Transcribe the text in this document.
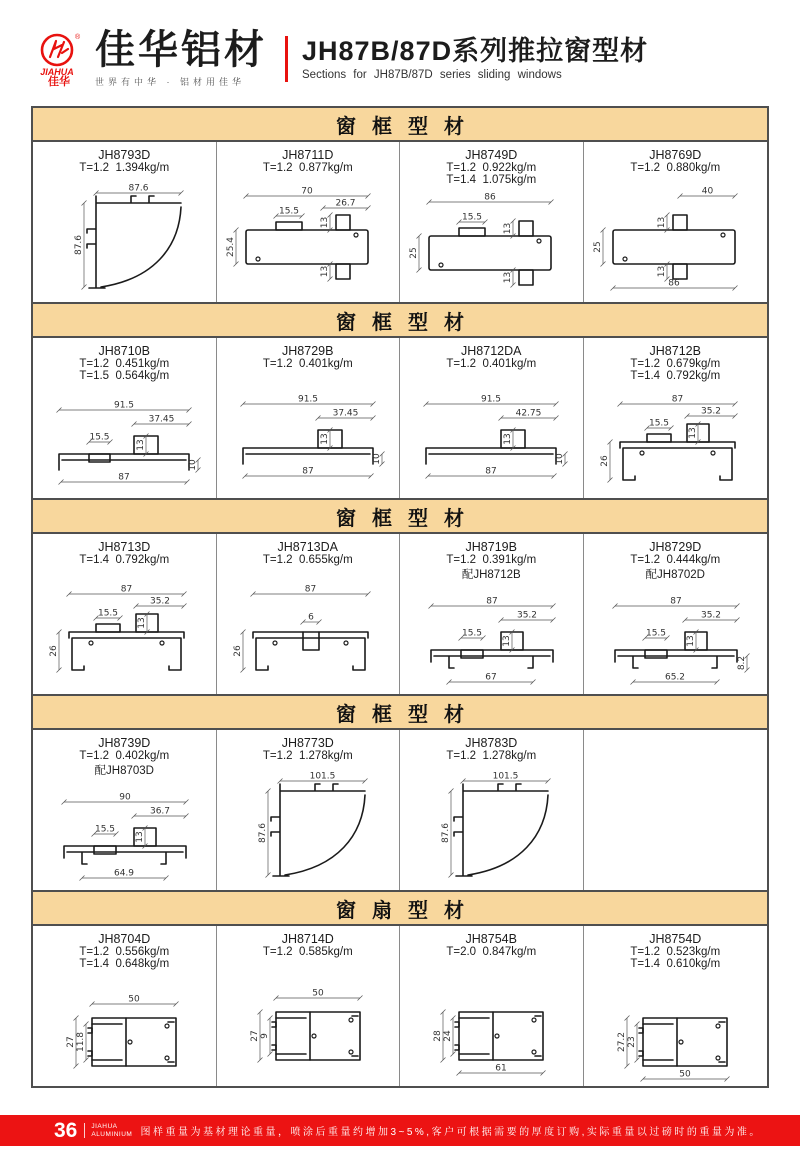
®
JIAHUA
佳华
佳华铝材
世界有中华 · 铝材用佳华
JH87B/87D系列推拉窗型材
Sections for JH87B/87D series sliding windows
窗框型材
JH8793D
T=1.2  1.394kg/m
87.6
87.6
JH8711D
T=1.2  0.877kg/m
15.5
13
13
70
26.7
25.4
JH8749D
T=1.2  0.922kg/m
T=1.4  1.075kg/m
15.5
13
13
86
25
JH8769D
T=1.2  0.880kg/m
13
13
40
25
86
窗框型材
JH8710B
T=1.2  0.451kg/m
T=1.5  0.564kg/m
15.5
13
91.5
37.45
87
10
JH8729B
T=1.2  0.401kg/m
13
91.5
37.45
87
10
JH8712DA
T=1.2  0.401kg/m
13
91.5
42.75
87
10
JH8712B
T=1.2  0.679kg/m
T=1.4  0.792kg/m
13
15.5
87
35.2
26
窗框型材
JH8713D
T=1.4  0.792kg/m
13
15.5
87
35.2
26
JH8713DA
T=1.2  0.655kg/m
6
87
26
JH8719B
T=1.2  0.391kg/m
配JH8712B
15.5
13
87
35.2
67
JH8729D
T=1.2  0.444kg/m
配JH8702D
15.5
13
87
35.2
65.2
8.2
窗框型材
JH8739D
T=1.2  0.402kg/m
配JH8703D
15.5
13
90
36.7
64.9
JH8773D
T=1.2  1.278kg/m
101.5
87.6
JH8783D
T=1.2  1.278kg/m
101.5
87.6
窗扇型材
JH8704D
T=1.2  0.556kg/m
T=1.4  0.648kg/m
50
27 11.8
JH8714D
T=1.2  0.585kg/m
50
27 9
JH8754B
T=2.0  0.847kg/m
61
28 24
JH8754D
T=1.2  0.523kg/m
T=1.4  0.610kg/m
50
27.2 23
36 JIAHUA
ALUMINIUM 图样重量为基材理论重量，喷涂后重量约增加3~5%,客户可根据需要的厚度订购,实际重量以过磅时的重量为准。
